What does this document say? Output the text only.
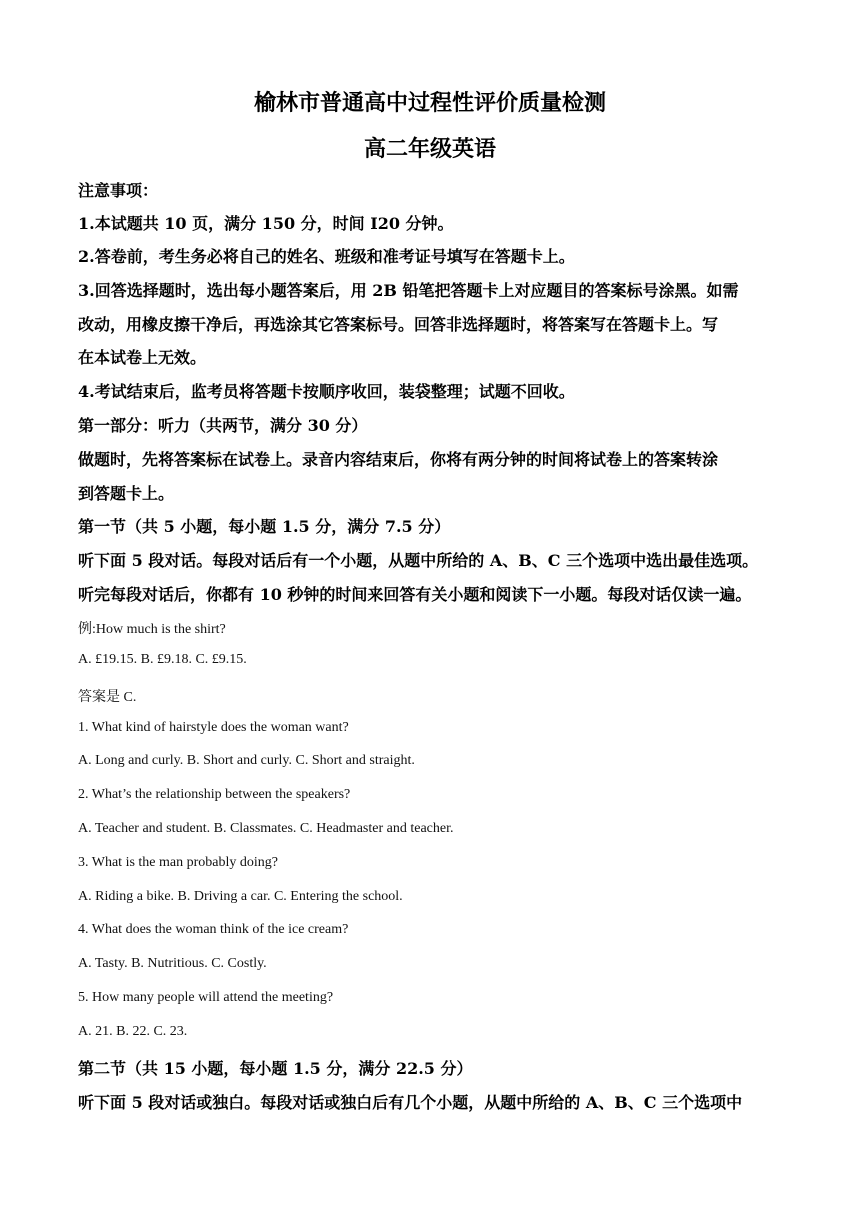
榆林市普通高中过程性评价质量检测
高二年级英语
注意事项：
1.本试题共 10 页，满分 150 分，时间 I20 分钟。
2.答卷前，考生务必将自己的姓名、班级和准考证号填写在答题卡上。
3.回答选择题时，选出每小题答案后，用 2B 铅笔把答题卡上对应题目的答案标号涂黑。如需
改动，用橡皮擦干净后，再选涂其它答案标号。回答非选择题时，将答案写在答题卡上。写
在本试卷上无效。
4.考试结束后，监考员将答题卡按顺序收回，装袋整理；试题不回收。
第一部分：听力（共两节，满分 30 分）
做题时，先将答案标在试卷上。录音内容结束后，你将有两分钟的时间将试卷上的答案转涂
到答题卡上。
第一节（共 5 小题，每小题 1.5 分，满分 7.5 分）
听下面 5 段对话。每段对话后有一个小题，从题中所给的 A、B、C 三个选项中选出最佳选项。
听完每段对话后，你都有 10 秒钟的时间来回答有关小题和阅读下一小题。每段对话仅读一遍。
例:How much is the shirt?
A. £19.15. B. £9.18. C. £9.15.
答案是 C.
1. What kind of hairstyle does the woman want?
A. Long and curly. B. Short and curly. C. Short and straight.
2. What’s the relationship between the speakers?
A. Teacher and student. B. Classmates. C. Headmaster and teacher.
3. What is the man probably doing?
A. Riding a bike. B. Driving a car. C. Entering the school.
4. What does the woman think of the ice cream?
A. Tasty. B. Nutritious. C. Costly.
5. How many people will attend the meeting?
A. 21. B. 22. C. 23.
第二节（共 15 小题，每小题 1.5 分，满分 22.5 分）
听下面 5 段对话或独白。每段对话或独白后有几个小题，从题中所给的 A、B、C 三个选项中
